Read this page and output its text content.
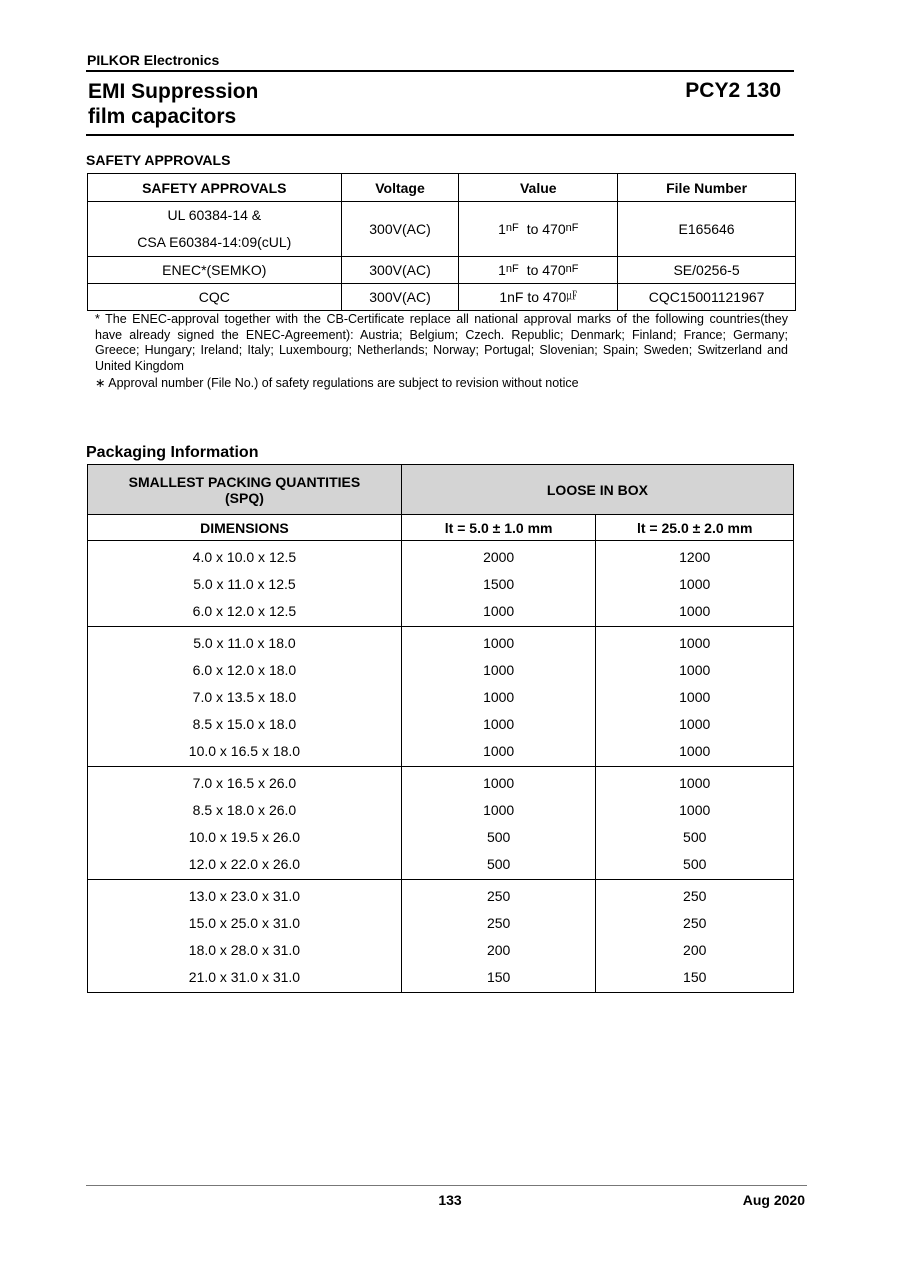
PILKOR Electronics
EMI Suppression
film capacitors
PCY2 130
SAFETY APPROVALS
SAFETY APPROVALS	Voltage	Value	File Number

UL 60384-14 &
CSA E60384-14:09(cUL)	300V(AC)	$1^{nF}$ to $470^{nF}$	E165646
ENEC*(SEMKO)	300V(AC)	$1^{nF}$ to $470^{nF}$	SE/0256-5
CQC	300V(AC)	1nF to 470㎌	CQC15001121967
* The ENEC-approval together with the CB-Certificate replace all national approval marks of the following countries(they have already signed the ENEC-Agreement): Austria; Belgium; Czech. Republic; Denmark; Finland; France; Germany; Greece; Hungary; Ireland; Italy; Luxembourg; Netherlands; Norway; Portugal; Slovenian; Spain; Sweden; Switzerland and United Kingdom
∗ Approval number (File No.) of safety regulations are subject to revision without notice
Packaging Information
SMALLEST PACKING QUANTITIES (SPQ)	LOOSE IN BOX	
DIMENSIONS	lt = 5.0 ± 1.0 mm	lt = 25.0 ± 2.0 mm
4.0 x 10.0 x 12.5	2000	1200
5.0 x 11.0 x 12.5	1500	1000
6.0 x 12.0 x 12.5	1000	1000
5.0 x 11.0 x 18.0	1000	1000
6.0 x 12.0 x 18.0	1000	1000
7.0 x 13.5 x 18.0	1000	1000
8.5 x 15.0 x 18.0	1000	1000
10.0 x 16.5 x 18.0	1000	1000
7.0 x 16.5 x 26.0	1000	1000
8.5 x 18.0 x 26.0	1000	1000
10.0 x 19.5 x 26.0	500	500
12.0 x 22.0 x 26.0	500	500
13.0 x 23.0 x 31.0	250	250
15.0 x 25.0 x 31.0	250	250
18.0 x 28.0 x 31.0	200	200
21.0 x 31.0 x 31.0	150	150
133	Aug 2020
